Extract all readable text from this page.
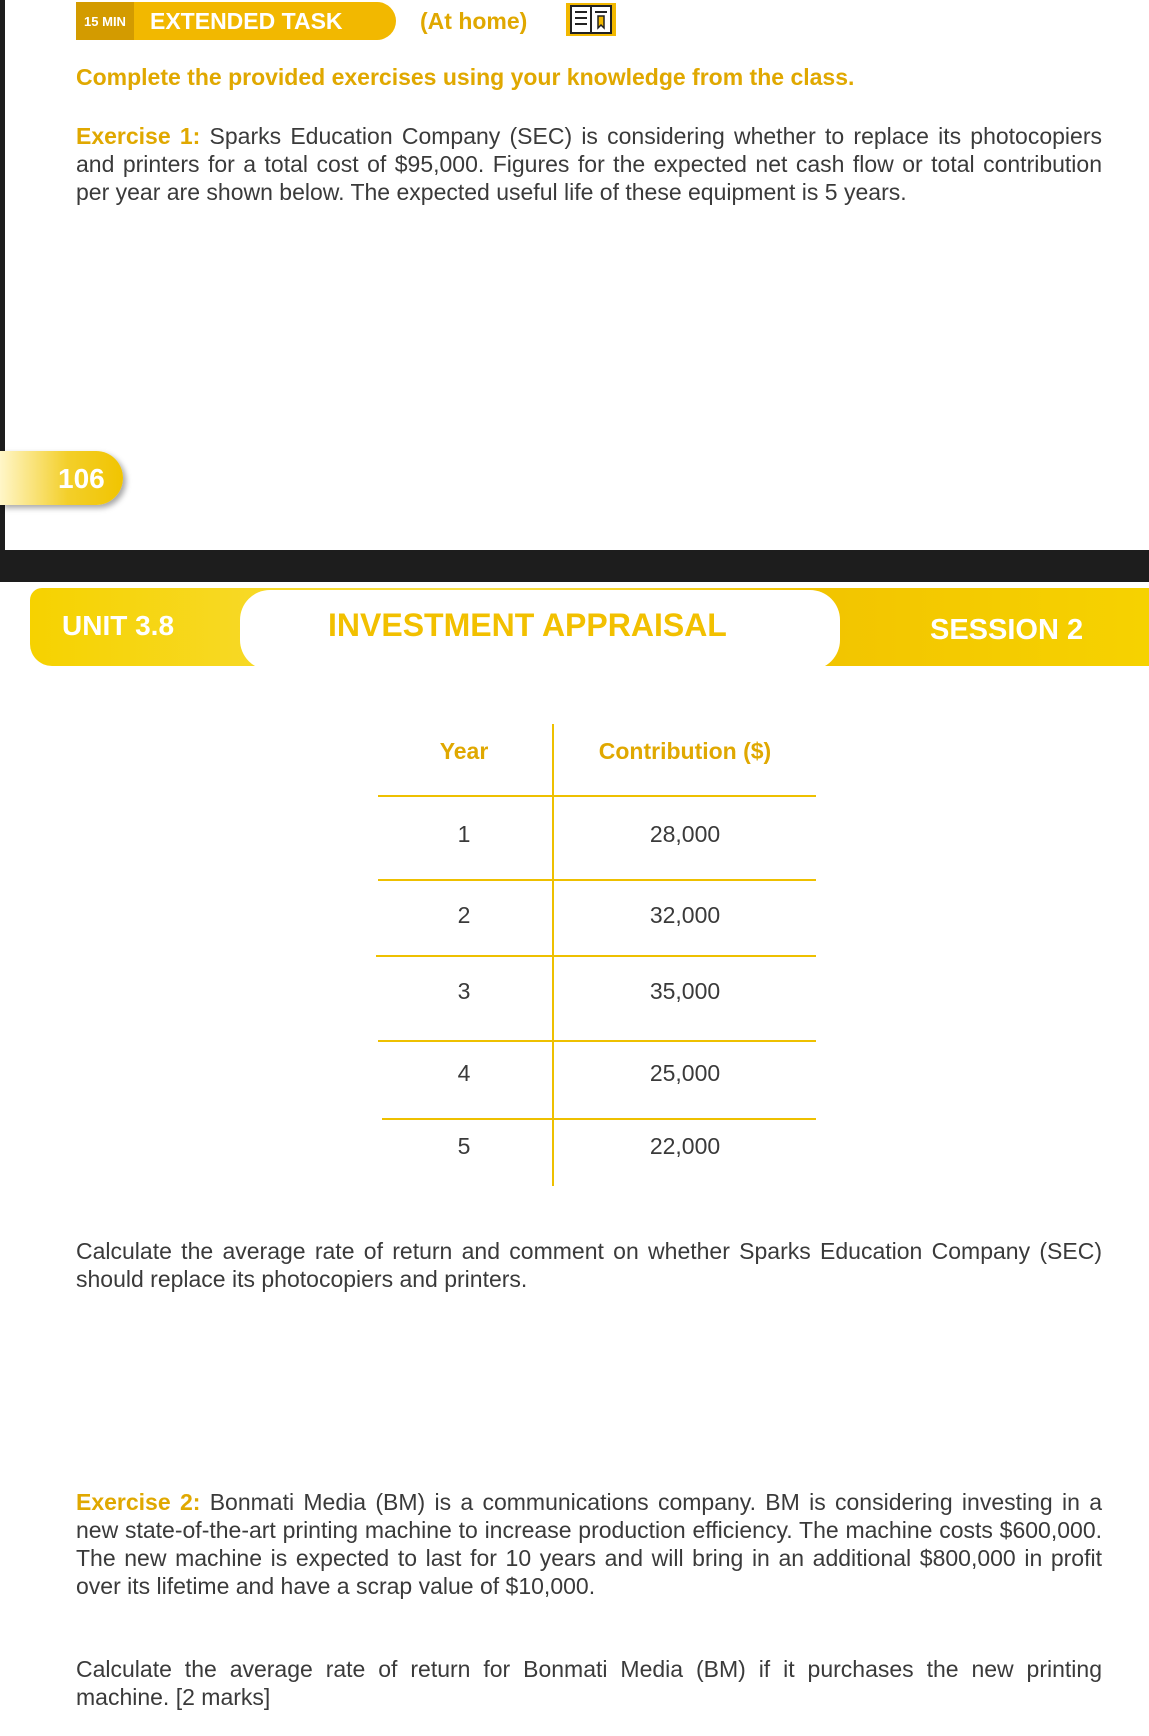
15 MIN	EXTENDED TASK	(At home)
Complete the provided exercises using your knowledge from the class.
Exercise 1: Sparks Education Company (SEC) is considering whether to replace its photocopiers and printers for a total cost of $95,000. Figures for the expected net cash flow or total contribution per year are shown below. The expected useful life of these equipment is 5 years.
106
UNIT 3.8	INVESTMENT APPRAISAL	SESSION 2
Year	Contribution ($)
1	28,000
2	32,000
3	35,000
4	25,000
5	22,000
Calculate the average rate of return and comment on whether Sparks Education Company (SEC) should replace its photocopiers and printers.
Exercise 2: Bonmati Media (BM) is a communications company. BM is considering investing in a new state-of-the-art printing machine to increase production efficiency. The machine costs $600,000. The new machine is expected to last for 10 years and will bring in an additional $800,000 in profit over its lifetime and have a scrap value of $10,000.
Calculate the average rate of return for Bonmati Media (BM) if it purchases the new printing machine. [2 marks]
